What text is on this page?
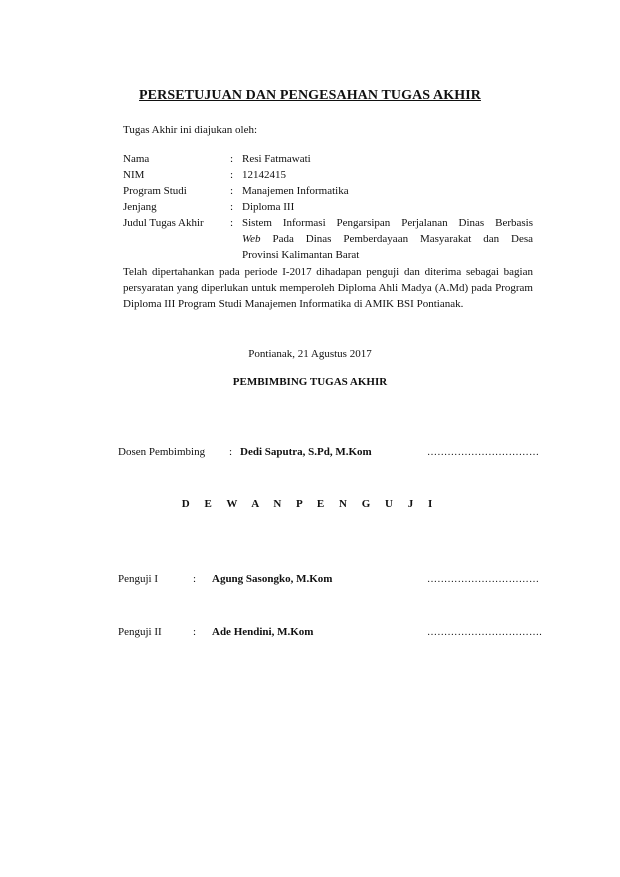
PERSETUJUAN DAN PENGESAHAN TUGAS AKHIR
Tugas Akhir ini diajukan oleh:
Nama	: Resi Fatmawati
NIM	: 12142415
Program Studi	: Manajemen Informatika
Jenjang	: Diploma III
Judul Tugas Akhir	: Sistem Informasi Pengarsipan Perjalanan Dinas Berbasis
Web Pada Dinas Pemberdayaan Masyarakat dan Desa
Provinsi Kalimantan Barat
Telah dipertahankan pada periode I-2017 dihadapan penguji dan diterima sebagai bagian persyaratan yang diperlukan untuk memperoleh Diploma Ahli Madya (A.Md) pada Program Diploma III Program Studi Manajemen Informatika di AMIK BSI Pontianak.
Pontianak, 21 Agustus 2017
PEMBIMBING TUGAS AKHIR
Dosen Pembimbing : Dedi Saputra, S.Pd, M.Kom	……………………………
D E W A N P E N G U J I
Penguji I	: Agung Sasongko, M.Kom	……………………………
Penguji II	: Ade Hendini, M.Kom	…………………………….
